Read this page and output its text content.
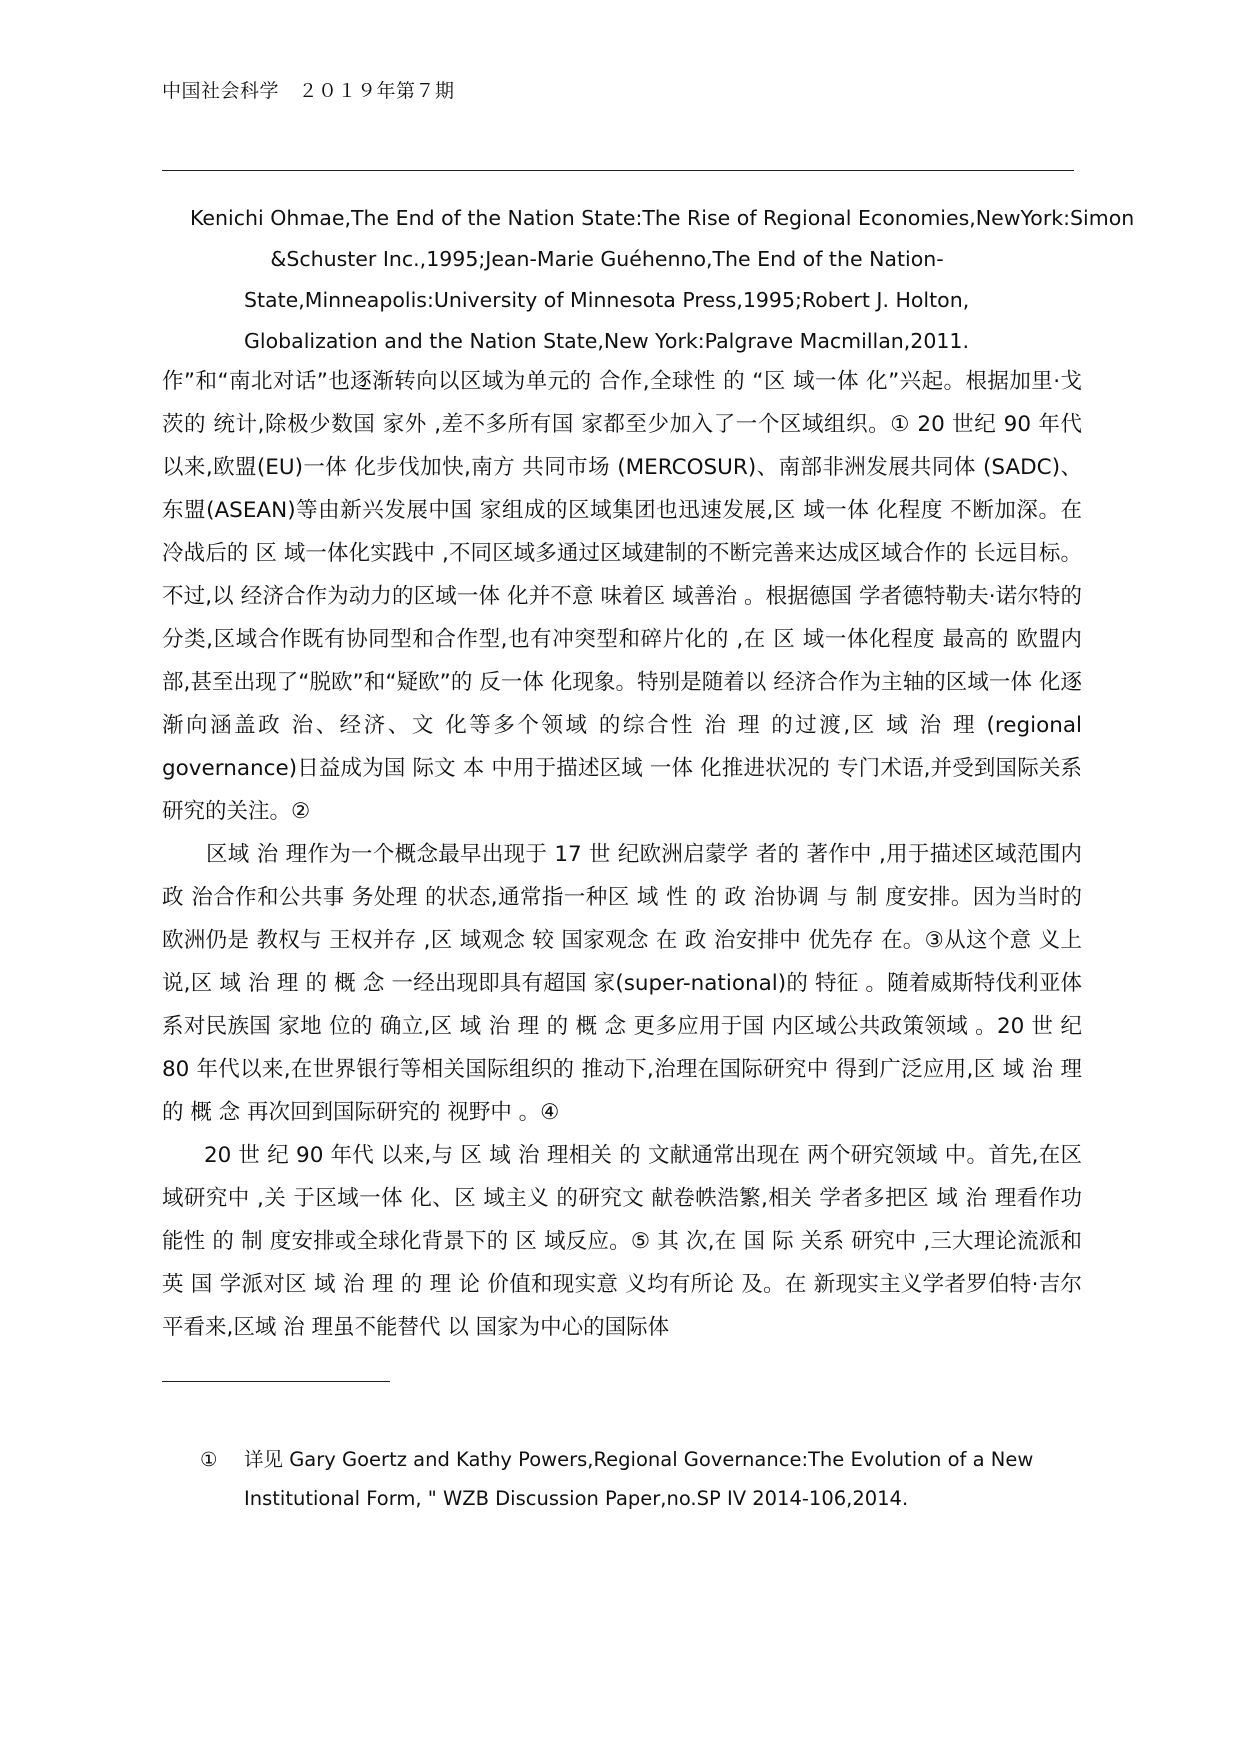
中国社会科学　２０１９年第７期
Kenichi Ohmae,The End of the Nation State:The Rise of Regional Economies,NewYork:Simon
&Schuster Inc.,1995;Jean-Marie Guéhenno,The End of the Nation-
State,Minneapolis:University of Minnesota Press,1995;Robert J. Holton,
Globalization and the Nation State,New York:Palgrave Macmillan,2011.

作”和“南北对话”也逐渐转向以区域为单元的 合作,全球性 的 “区 域一体 化”兴起。根据加里·戈茨的 统计,除极少数国 家外 ,差不多所有国 家都至少加入了一个区域组织。① 20 世纪 90 年代 以来,欧盟(EU)一体 化步伐加快,南方 共同市场 (MERCOSUR)、南部非洲发展共同体 (SADC)、东盟(ASEAN)等由新兴发展中国 家组成的区域集团也迅速发展,区 域一体 化程度 不断加深。在 冷战后的 区 域一体化实践中 ,不同区域多通过区域建制的不断完善来达成区域合作的 长远目标。不过,以 经济合作为动力的区域一体 化并不意 味着区 域善治 。根据德国 学者德特勒夫·诺尔特的分类,区域合作既有协同型和合作型,也有冲突型和碎片化的 ,在 区 域一体化程度 最高的 欧盟内部,甚至出现了“脱欧”和“疑欧”的 反一体 化现象。特别是随着以 经济合作为主轴的区域一体 化逐渐向涵盖政 治、经济、文 化等多个领域 的综合性 治 理 的过渡,区 域 治 理 (regional governance)日益成为国 际文 本 中用于描述区域 一体 化推进状况的 专门术语,并受到国际关系研究的关注。②

区域 治 理作为一个概念最早出现于 17 世 纪欧洲启蒙学 者的 著作中 ,用于描述区域范围内政 治合作和公共事 务处理 的状态,通常指一种区 域 性 的 政 治协调 与 制 度安排。因为当时的欧洲仍是 教权与 王权并存 ,区 域观念 较 国家观念 在 政 治安排中 优先存 在。③从这个意 义上说,区 域 治 理 的 概 念 一经出现即具有超国 家(super-national)的 特征 。随着威斯特伐利亚体系对民族国 家地 位的 确立,区 域 治 理 的 概 念 更多应用于国 内区域公共政策领域 。20 世 纪 80 年代以来,在世界银行等相关国际组织的 推动下,治理在国际研究中 得到广泛应用,区 域 治 理 的 概 念 再次回到国际研究的 视野中 。④

20 世 纪 90 年代 以来,与 区 域 治 理相关 的 文献通常出现在 两个研究领域 中。首先,在区 域研究中 ,关 于区域一体 化、区 域主义 的研究文 献卷帙浩繁,相关 学者多把区 域 治 理看作功能性 的 制 度安排或全球化背景下的 区 域反应。⑤ 其 次,在 国 际 关系 研究中 ,三大理论流派和英 国 学派对区 域 治 理 的 理 论 价值和现实意 义均有所论 及。在 新现实主义学者罗伯特·吉尔平看来,区域 治 理虽不能替代 以 国家为中心的国际体

① 详见 Gary Goertz and Kathy Powers,Regional Governance:The Evolution of a New
Institutional Form, " WZB Discussion Paper,no.SP IV 2014-106,2014.
